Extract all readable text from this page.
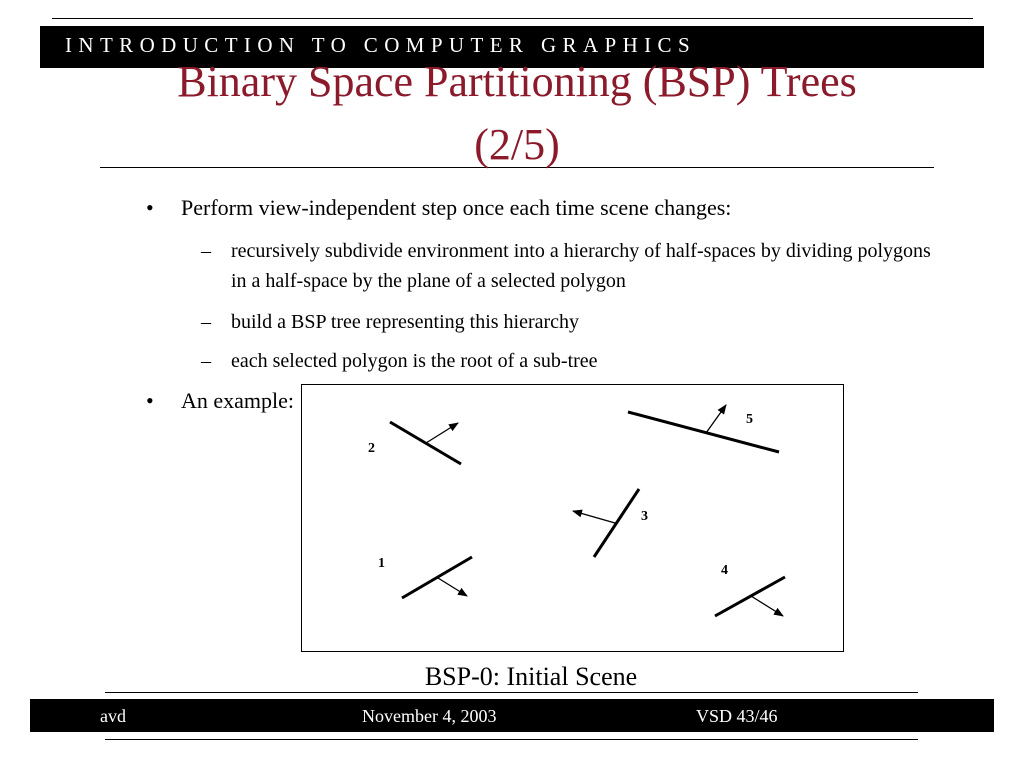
INTRODUCTION TO COMPUTER GRAPHICS
Binary Space Partitioning (BSP) Trees
(2/5)
• Perform view-independent step once each time scene changes:
– recursively subdivide environment into a hierarchy of half-spaces by dividing polygons in a half-space by the plane of a selected polygon
– build a BSP tree representing this hierarchy
– each selected polygon is the root of a sub-tree
• An example:
2
5
3
1	4
BSP-0: Initial Scene
avd	November 4, 2003	VSD 43/46
